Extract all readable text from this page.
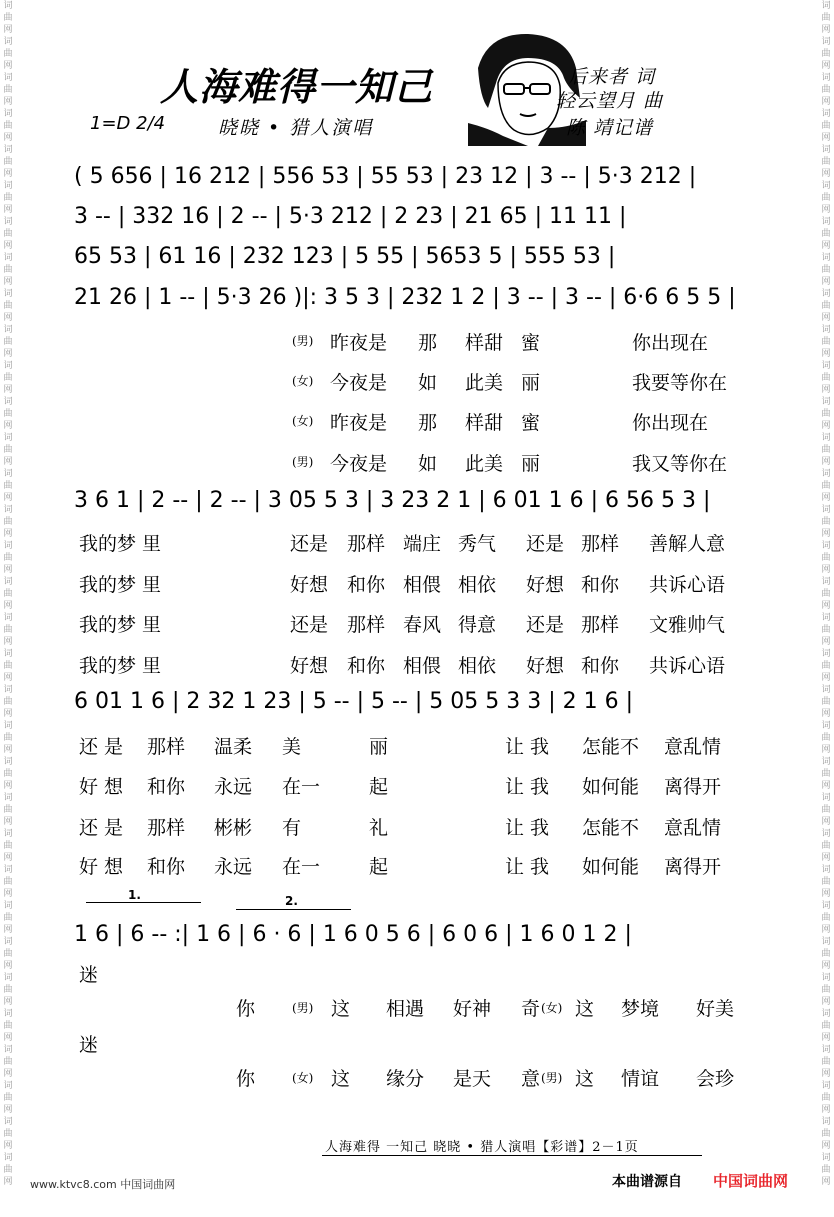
词
曲
网
词
曲
网
词
曲
网
词
曲
网
词
曲
网
词
曲
网
词
曲
网
词
曲
网
词
曲
网
词
曲
网
词
曲
网
词
曲
网
词
曲
网
词
曲
网
词
曲
网
词
曲
网
词
曲
网
词
曲
网
词
曲
网
词
曲
网
词
曲
网
词
曲
网
词
曲
网
词
曲
网
词
曲
网
词
曲
网
词
曲
网
词
曲
网
词
曲
网
词
曲
网
词
曲
网
词
曲
网
词
曲
网
词
曲
网
词
曲
网
词
曲
网
词
曲
网
词
曲
网
词
曲
网
词
曲
网
词
曲
网
词
曲
网
词
曲
网
词
曲
网
词
曲
网
词
曲
网
词
曲
网
词
曲
网
词
曲
网
词
曲
网
词
曲
网
词
曲
网
词
曲
网
词
曲
网
词
曲
网
词
曲
网
词
曲
网
词
曲
网
词
曲
网
词
曲
网
词
曲
网
词
曲
网
词
曲
网
词
曲
网
词
曲
网
词
曲
网
人海难得一知己
1=D 2/4	晓晓 • 猎人演唱
后来者 词
轻云望月 曲
陈 靖记谱
( 5 656 | 16 212 | 556 53 | 55 53 | 23 12 | 3 -- | 5·3 212 |
3 -- | 332 16 | 2 -- | 5·3 212 | 2 23 | 21 65 | 11 11 |
65 53 | 61 16 | 232 123 | 5 55 | 5653 5 | 555 53 |
21 26 | 1 -- | 5·3 26 )|: 3 5 3 | 232 1 2 | 3 -- | 3 -- | 6·6 6 5 5 |
(男) 昨夜是 那 样甜 蜜	你出现在
(女) 今夜是 如 此美 丽	我要等你在
(女) 昨夜是 那 样甜 蜜	你出现在
(男) 今夜是 如 此美 丽	我又等你在
3 6 1 | 2 -- | 2 -- | 3 05 5 3 | 3 23 2 1 | 6 01 1 6 | 6 56 5 3 |
我的梦 里	还是 那样 端庄 秀气 还是 那样 善解人意
我的梦 里	好想 和你 相偎 相依 好想 和你 共诉心语
我的梦 里	还是 那样 春风 得意 还是 那样 文雅帅气
我的梦 里	好想 和你 相偎 相依 好想 和你 共诉心语
6 01 1 6 | 2 32 1 23 | 5 -- | 5 -- | 5 05 5 3 3 | 2 1 6 |
还 是 那样 温柔 美	丽	让 我 怎能不 意乱情
好 想 和你 永远 在一	起	让 我 如何能 离得开
还 是 那样 彬彬 有	礼	让 我 怎能不 意乱情
好 想 和你 永远 在一	起	让 我 如何能 离得开
1.	2.
1 6 | 6 -- :| 1 6 | 6 · 6 | 1 6 0 5 6 | 6 0 6 | 1 6 0 1 2 |
迷
你	(男) 这 相遇 好神 奇 (女) 这 梦境 好美
迷
你	(女) 这 缘分 是天 意 (男) 这 情谊 会珍
人海难得 一知己 晓晓 • 猎人演唱【彩谱】2－1页
www.ktvc8.com 中国词曲网	本曲谱源自 中国词曲网
